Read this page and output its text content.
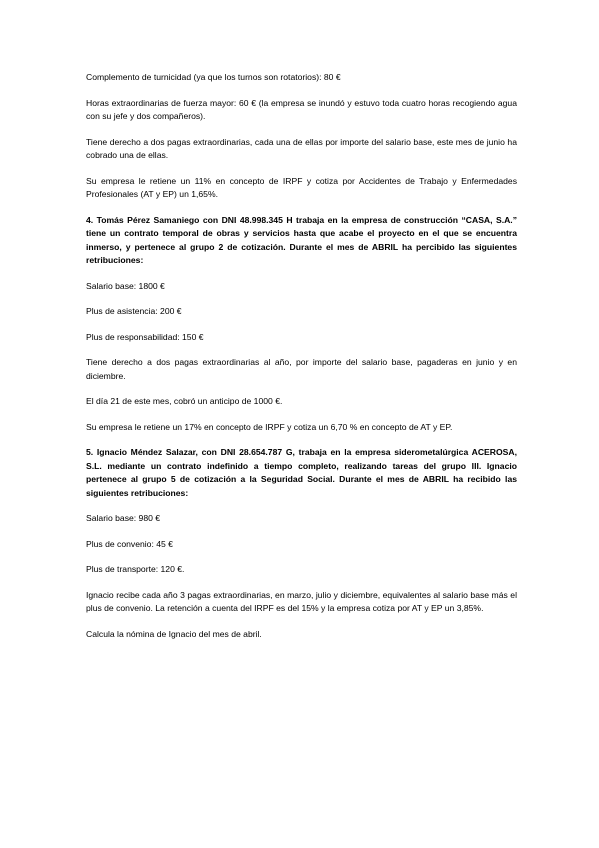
Complemento de turnicidad (ya que los turnos son rotatorios): 80 €

Horas extraordinarias de fuerza mayor: 60 € (la empresa se inundó y estuvo toda cuatro horas recogiendo agua con su jefe y dos compañeros).

Tiene derecho a dos pagas extraordinarias, cada una de ellas por importe del salario base, este mes de junio ha cobrado una de ellas.

Su empresa le retiene un 11% en concepto de IRPF y cotiza por Accidentes de Trabajo y Enfermedades Profesionales (AT y EP) un 1,65%.

4. Tomás Pérez Samaniego con DNI 48.998.345 H trabaja en la empresa de construcción “CASA, S.A.” tiene un contrato temporal de obras y servicios hasta que acabe el proyecto en el que se encuentra inmerso, y pertenece al grupo 2 de cotización. Durante el mes de ABRIL ha percibido las siguientes retribuciones:

Salario base: 1800 €

Plus de asistencia: 200 €

Plus de responsabilidad: 150 €

Tiene derecho a dos pagas extraordinarias al año, por importe del salario base, pagaderas en junio y en diciembre.

El día 21 de este mes, cobró un anticipo de 1000 €.

Su empresa le retiene un 17% en concepto de IRPF y cotiza un 6,70 % en concepto de AT y EP.

5. Ignacio Méndez Salazar, con DNI 28.654.787 G, trabaja en la empresa siderometalúrgica ACEROSA, S.L. mediante un contrato indefinido a tiempo completo, realizando tareas del grupo III. Ignacio pertenece al grupo 5 de cotización a la Seguridad Social. Durante el mes de ABRIL ha recibido las siguientes retribuciones:

Salario base: 980 €

Plus de convenio: 45 €

Plus de transporte: 120 €.

Ignacio recibe cada año 3 pagas extraordinarias, en marzo, julio y diciembre, equivalentes al salario base más el plus de convenio. La retención a cuenta del IRPF es del 15% y la empresa cotiza por AT y EP un 3,85%.

Calcula la nómina de Ignacio del mes de abril.
